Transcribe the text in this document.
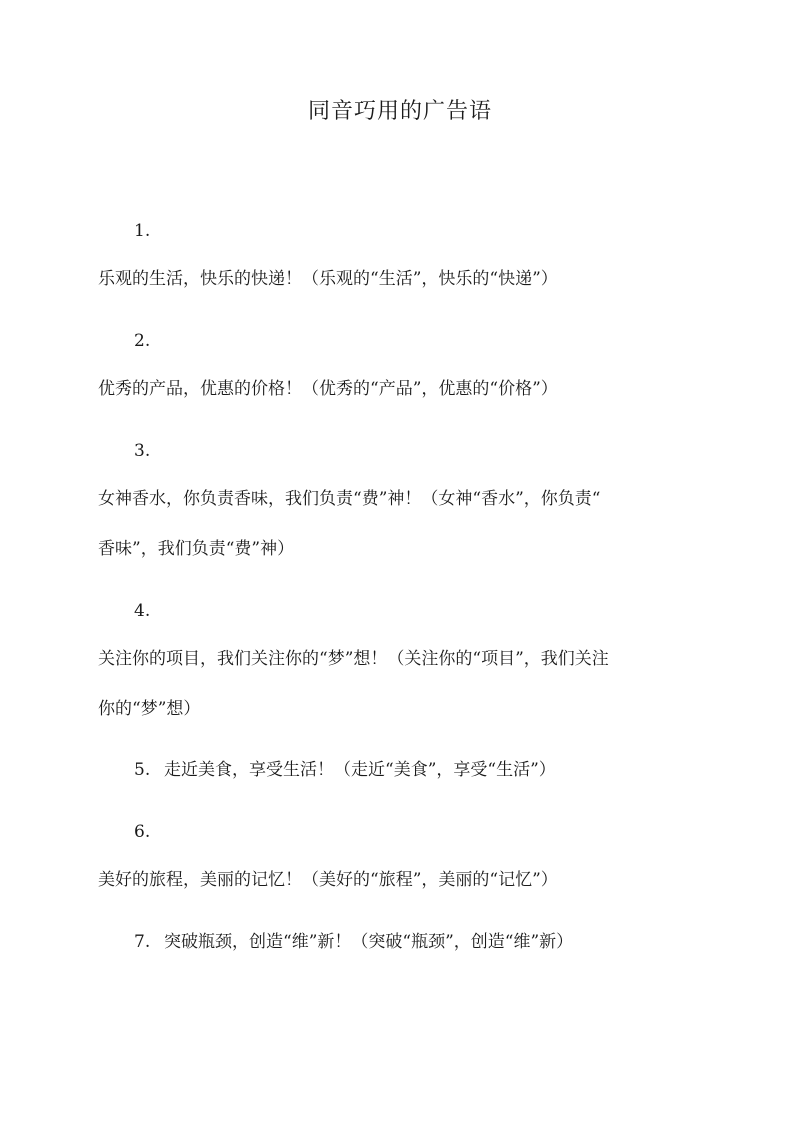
同音巧用的广告语
1.
乐观的生活，快乐的快递！（乐观的“生活”，快乐的“快递”）
2.
优秀的产品，优惠的价格！（优秀的“产品”，优惠的“价格”）
3.
女神香水，你负责香味，我们负责“费”神！（女神“香水”，你负责“
香味”，我们负责“费”神）
4.
关注你的项目，我们关注你的“梦”想！（关注你的“项目”，我们关注
你的“梦”想）
5. 走近美食，享受生活！（走近“美食”，享受“生活”）
6.
美好的旅程，美丽的记忆！（美好的“旅程”，美丽的“记忆”）
7. 突破瓶颈，创造“维”新！（突破“瓶颈”，创造“维”新）
